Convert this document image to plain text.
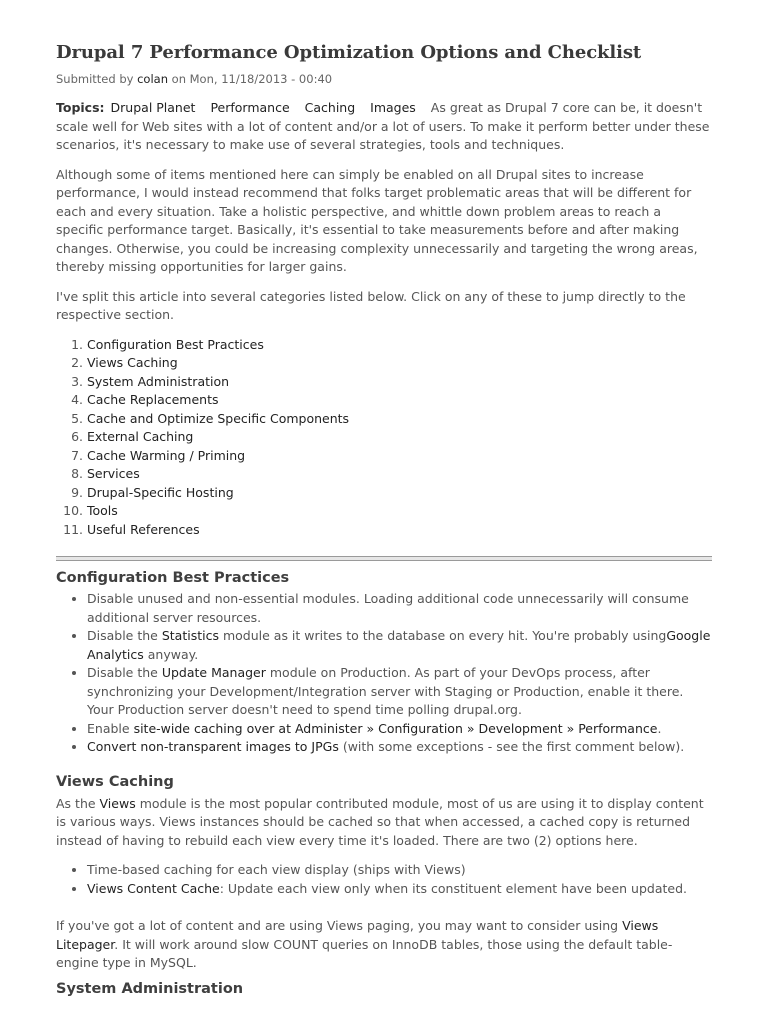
Drupal 7 Performance Optimization Options and Checklist
Submitted by colan on Mon, 11/18/2013 - 00:40

Topics: Drupal Planet Performance Caching Images As great as Drupal 7 core can be, it doesn't scale well for Web sites with a lot of content and/or a lot of users. To make it perform better under these scenarios, it's necessary to make use of several strategies, tools and techniques.

Although some of items mentioned here can simply be enabled on all Drupal sites to increase performance, I would instead recommend that folks target problematic areas that will be different for each and every situation. Take a holistic perspective, and whittle down problem areas to reach a specific performance target. Basically, it's essential to take measurements before and after making changes. Otherwise, you could be increasing complexity unnecessarily and targeting the wrong areas, thereby missing opportunities for larger gains.

I've split this article into several categories listed below. Click on any of these to jump directly to the respective section.

1. Configuration Best Practices
2. Views Caching
3. System Administration
4. Cache Replacements
5. Cache and Optimize Specific Components
6. External Caching
7. Cache Warming / Priming
8. Services
9. Drupal-Specific Hosting
10. Tools
11. Useful References
Configuration Best Practices
• Disable unused and non-essential modules. Loading additional code unnecessarily will consume additional server resources.
• Disable the Statistics module as it writes to the database on every hit. You're probably usingGoogle Analytics anyway.
• Disable the Update Manager module on Production. As part of your DevOps process, after synchronizing your Development/Integration server with Staging or Production, enable it there. Your Production server doesn't need to spend time polling drupal.org.
• Enable site-wide caching over at Administer » Configuration » Development » Performance.
• Convert non-transparent images to JPGs (with some exceptions - see the first comment below).
Views Caching

As the Views module is the most popular contributed module, most of us are using it to display content is various ways. Views instances should be cached so that when accessed, a cached copy is returned instead of having to rebuild each view every time it's loaded. There are two (2) options here.

• Time-based caching for each view display (ships with Views)
• Views Content Cache: Update each view only when its constituent element have been updated.

If you've got a lot of content and are using Views paging, you may want to consider using Views Litepager. It will work around slow COUNT queries on InnoDB tables, those using the default table-engine type in MySQL.

System Administration
